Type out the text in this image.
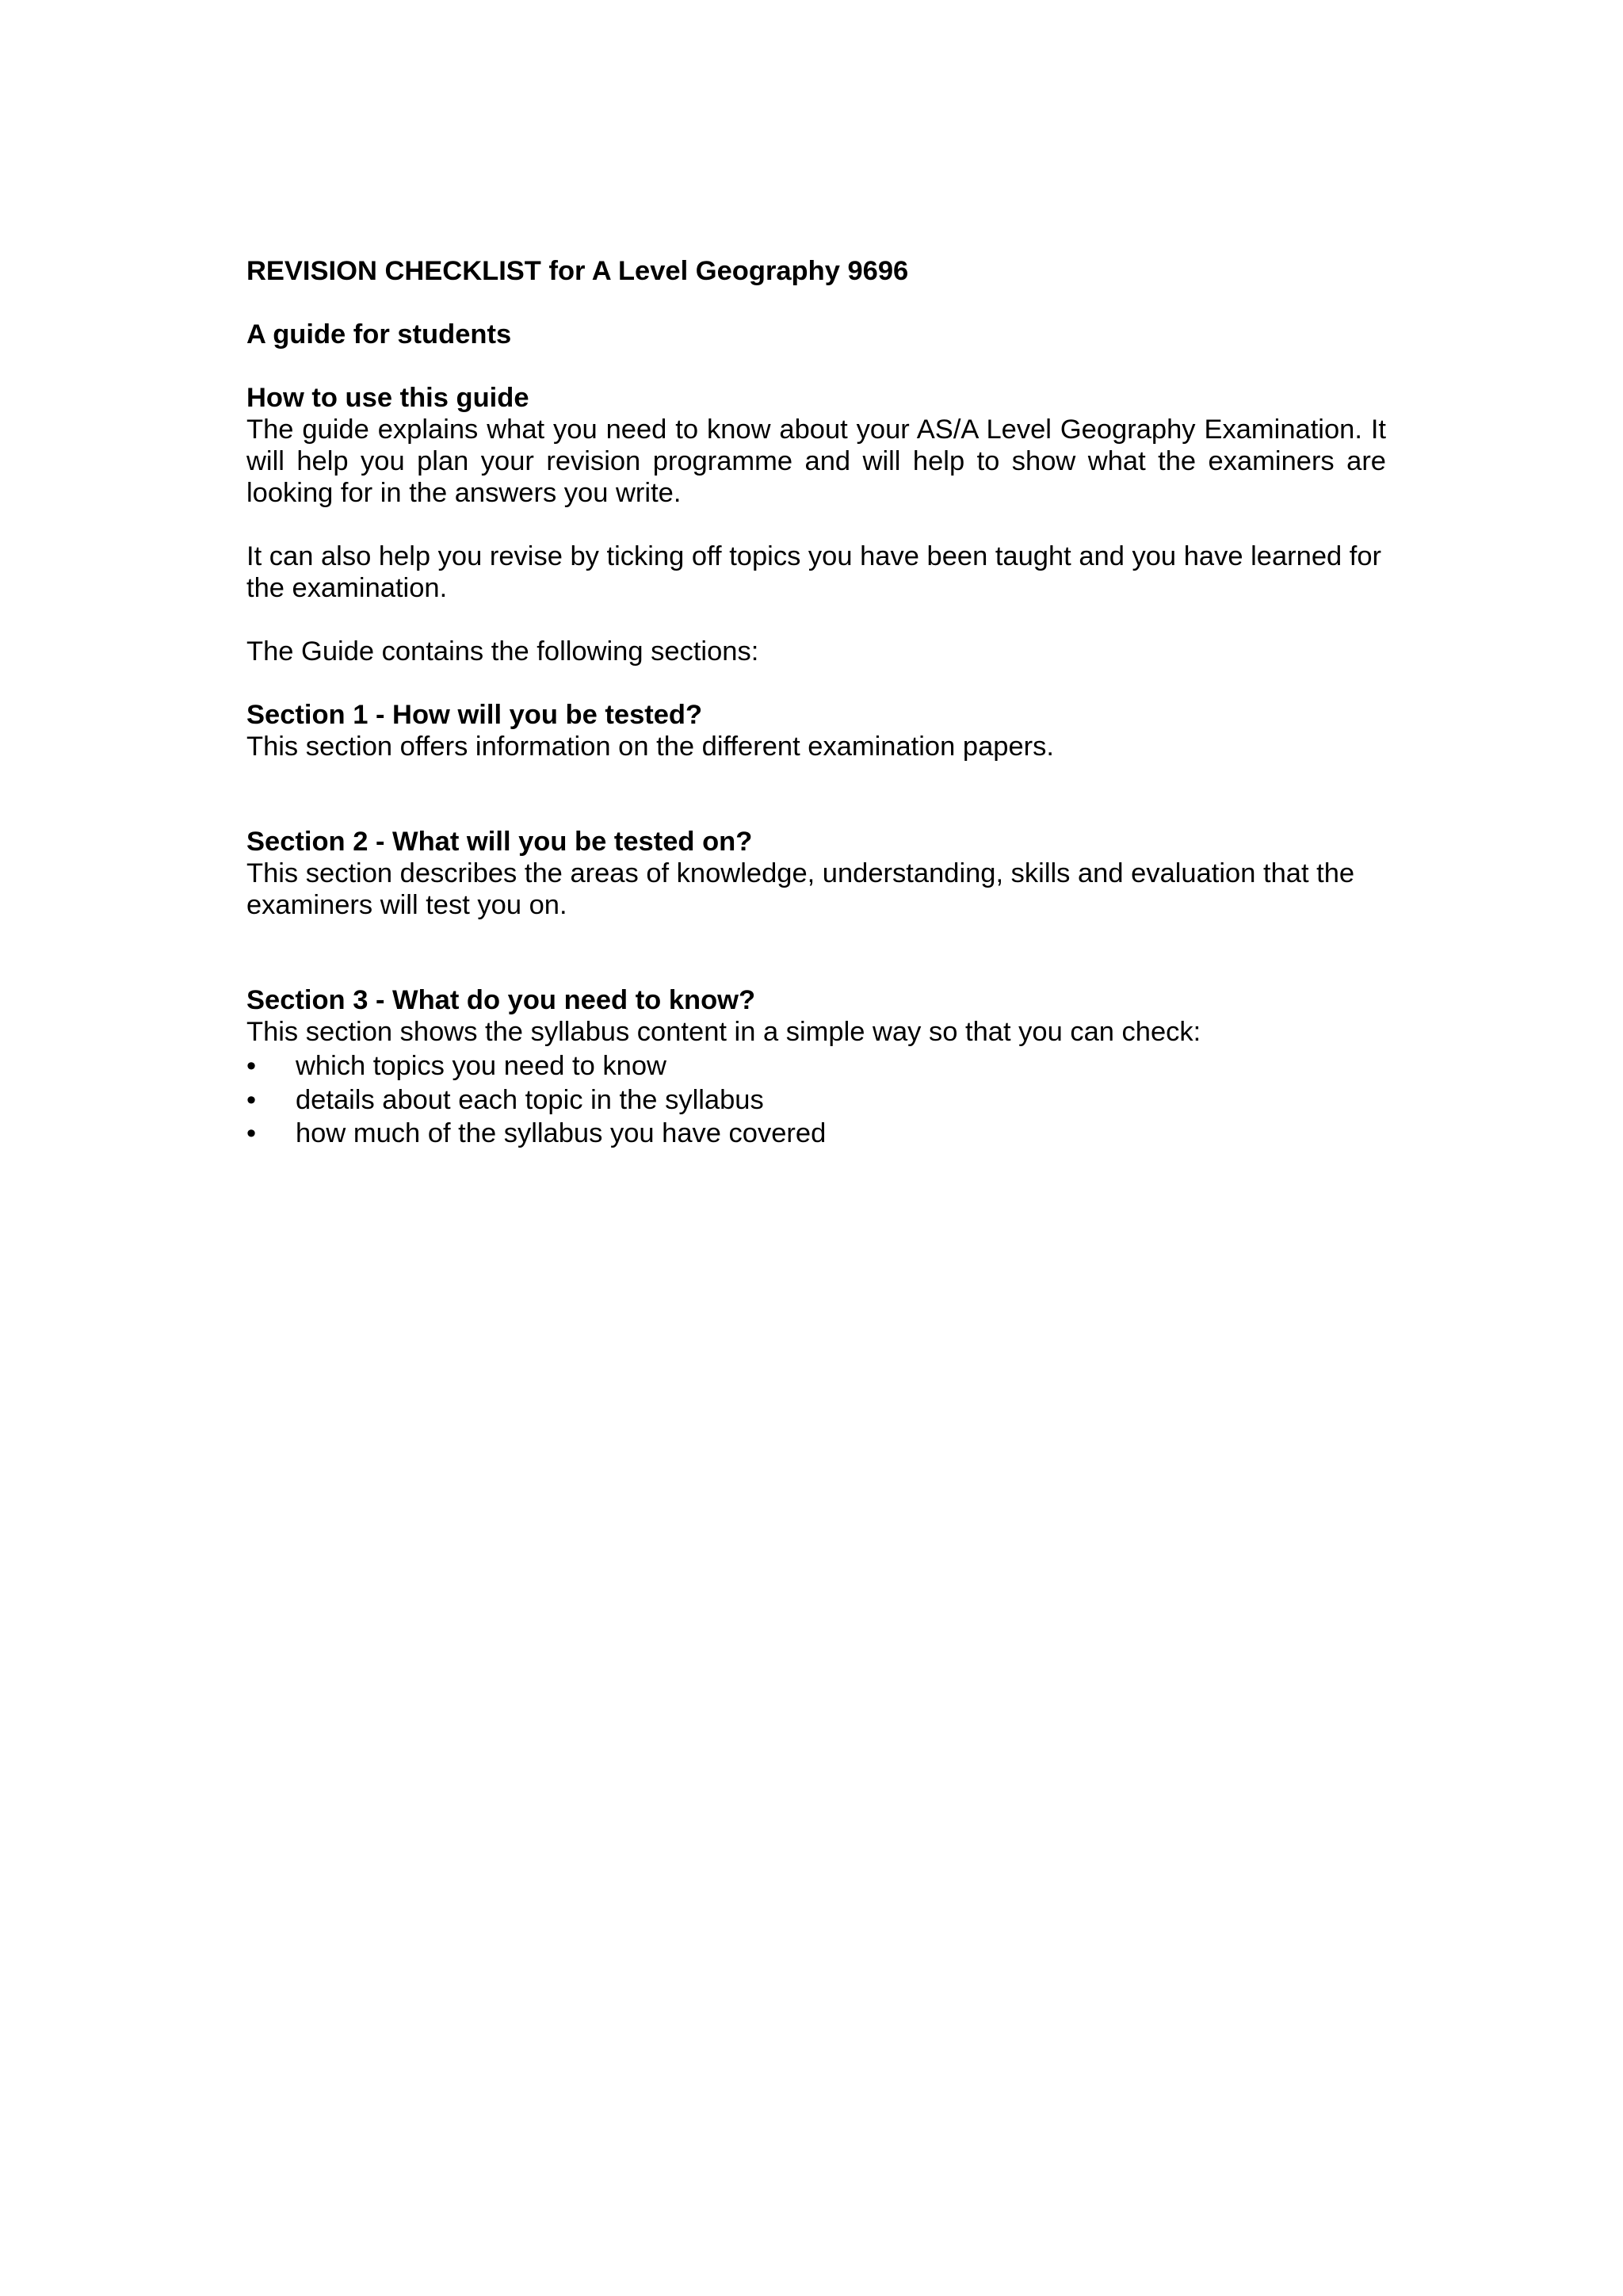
REVISION CHECKLIST for A Level Geography 9696
A guide for students
How to use this guide

The guide explains what you need to know about your AS/A Level Geography Examination. It will help you plan your revision programme and will help to show what the examiners are looking for in the answers you write.

It can also help you revise by ticking off topics you have been taught and you have learned for the examination.

The Guide contains the following sections:

Section 1 - How will you be tested?

This section offers information on the different examination papers.

Section 2 - What will you be tested on?

This section describes the areas of knowledge, understanding, skills and evaluation that the examiners will test you on.

Section 3 - What do you need to know?

This section shows the syllabus content in a simple way so that you can check:

• which topics you need to know
• details about each topic in the syllabus
• how much of the syllabus you have covered
